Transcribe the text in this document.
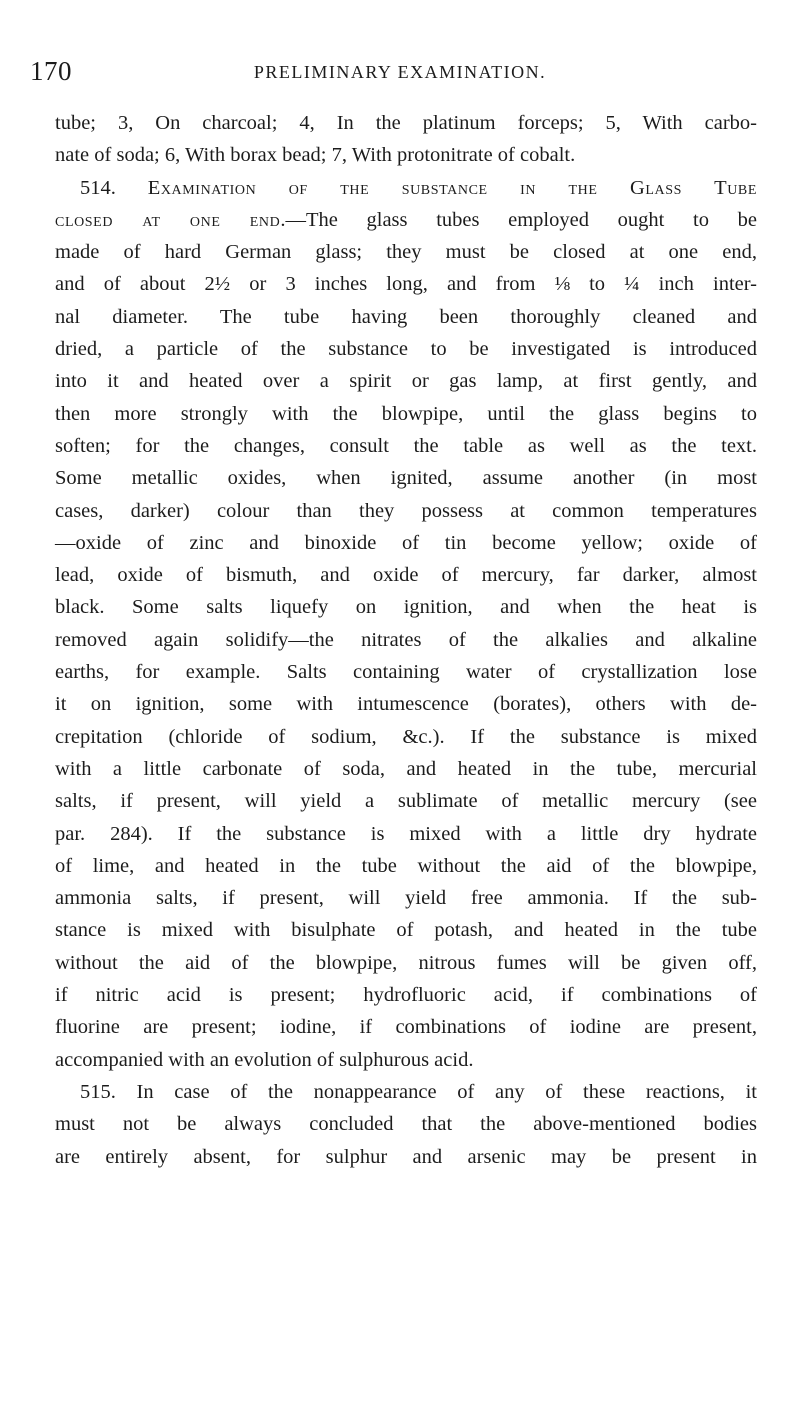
170	PRELIMINARY EXAMINATION.
tube; 3, On charcoal; 4, In the platinum forceps; 5, With carbo-
nate of soda; 6, With borax bead; 7, With protonitrate of cobalt.
514. Examination of the substance in the Glass Tube
closed at one end.—The glass tubes employed ought to be
made of hard German glass; they must be closed at one end,
and of about 2½ or 3 inches long, and from ⅛ to ¼ inch inter-
nal diameter. The tube having been thoroughly cleaned and
dried, a particle of the substance to be investigated is introduced
into it and heated over a spirit or gas lamp, at first gently, and
then more strongly with the blowpipe, until the glass begins to
soften; for the changes, consult the table as well as the text.
Some metallic oxides, when ignited, assume another (in most
cases, darker) colour than they possess at common temperatures
—oxide of zinc and binoxide of tin become yellow; oxide of
lead, oxide of bismuth, and oxide of mercury, far darker, almost
black. Some salts liquefy on ignition, and when the heat is
removed again solidify—the nitrates of the alkalies and alkaline
earths, for example. Salts containing water of crystallization lose
it on ignition, some with intumescence (borates), others with de-
crepitation (chloride of sodium, &c.). If the substance is mixed
with a little carbonate of soda, and heated in the tube, mercurial
salts, if present, will yield a sublimate of metallic mercury (see
par. 284). If the substance is mixed with a little dry hydrate
of lime, and heated in the tube without the aid of the blowpipe,
ammonia salts, if present, will yield free ammonia. If the sub-
stance is mixed with bisulphate of potash, and heated in the tube
without the aid of the blowpipe, nitrous fumes will be given off,
if nitric acid is present; hydrofluoric acid, if combinations of
fluorine are present; iodine, if combinations of iodine are present,
accompanied with an evolution of sulphurous acid.
515. In case of the nonappearance of any of these reactions, it
must not be always concluded that the above-mentioned bodies
are entirely absent, for sulphur and arsenic may be present in
